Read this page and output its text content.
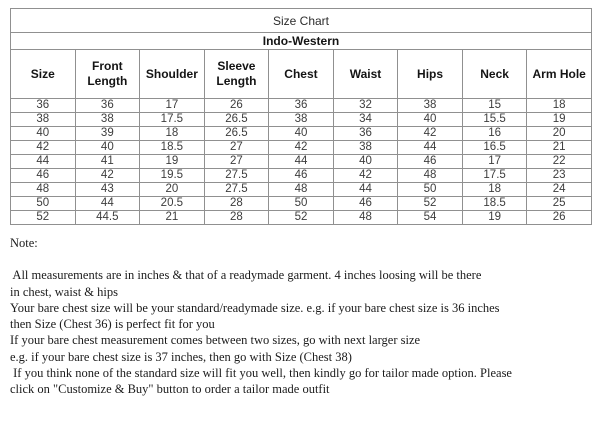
Size Chart								
Indo-Western								
Size	Front Length	Shoulder	Sleeve Length	Chest	Waist	Hips	Neck	Arm Hole
36	36	17	26	36	32	38	15	18
38	38	17.5	26.5	38	34	40	15.5	19
40	39	18	26.5	40	36	42	16	20
42	40	18.5	27	42	38	44	16.5	21
44	41	19	27	44	40	46	17	22
46	42	19.5	27.5	46	42	48	17.5	23
48	43	20	27.5	48	44	50	18	24
50	44	20.5	28	50	46	52	18.5	25
52	44.5	21	28	52	48	54	19	26
Note:
All measurements are in inches & that of a readymade garment. 4 inches loosing will be there
in chest, waist & hips
Your bare chest size will be your standard/readymade size. e.g. if your bare chest size is 36 inches
then Size (Chest 36) is perfect fit for you
If your bare chest measurement comes between two sizes, go with next larger size
e.g. if your bare chest size is 37 inches, then go with Size (Chest 38)
If you think none of the standard size will fit you well, then kindly go for tailor made option. Please
click on "Customize & Buy" button to order a tailor made outfit
